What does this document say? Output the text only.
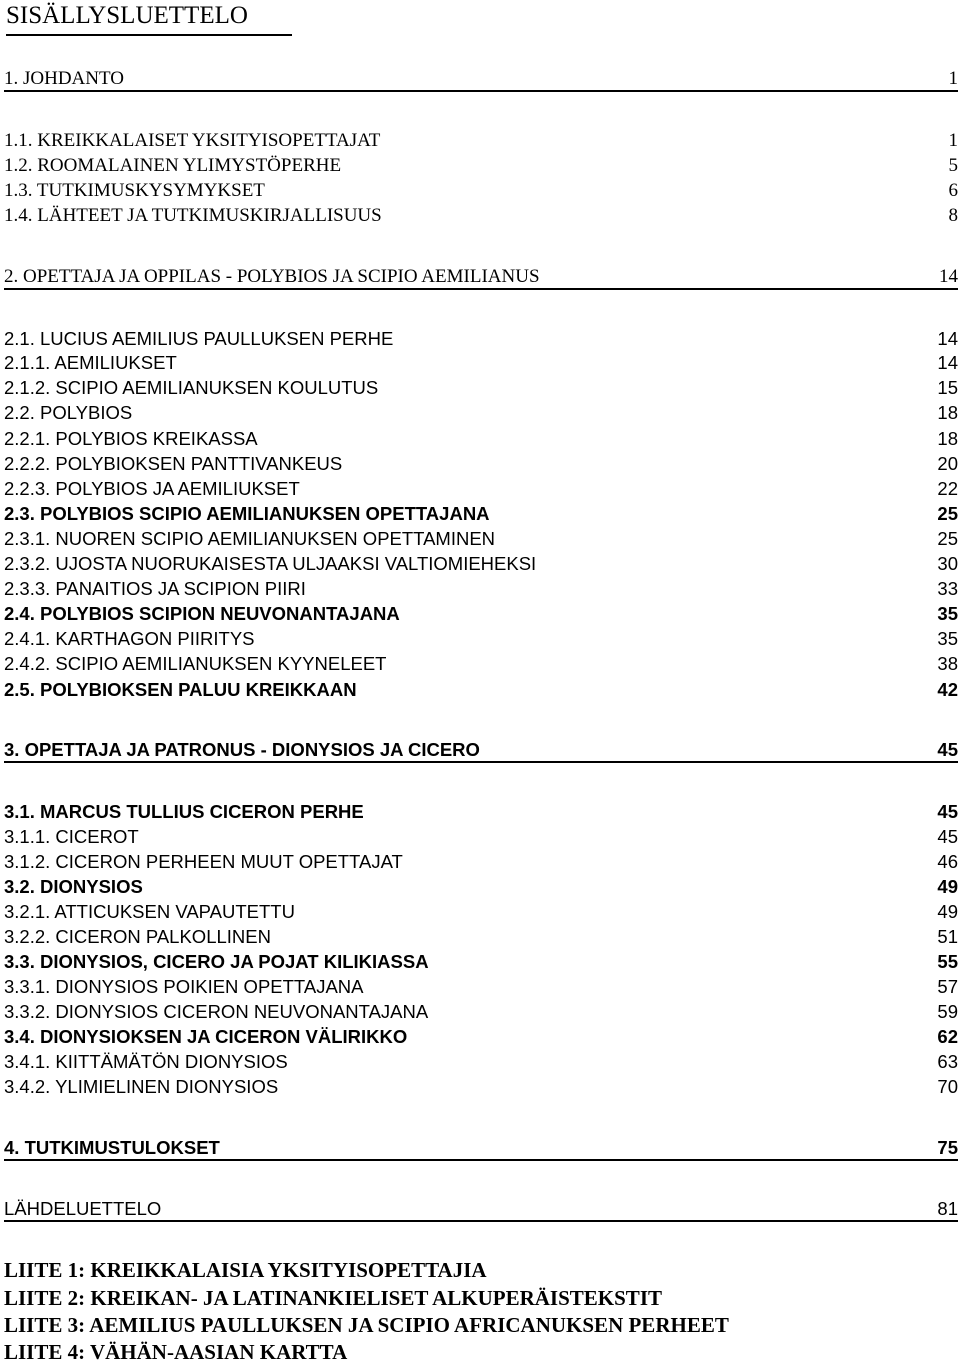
SISÄLLYSLUETTELO
1. JOHDANTO	1
1.1. KREIKKALAISET YKSITYISOPETTAJAT	1
1.2. ROOMALAINEN YLIMYSTÖPERHE	5
1.3. TUTKIMUSKYSYMYKSET	6
1.4. LÄHTEET JA TUTKIMUSKIRJALLISUUS	8
2. OPETTAJA JA OPPILAS - POLYBIOS JA SCIPIO AEMILIANUS	14
2.1. LUCIUS AEMILIUS PAULLUKSEN PERHE	14
2.1.1. AEMILIUKSET	14
2.1.2. SCIPIO AEMILIANUKSEN KOULUTUS	15
2.2. POLYBIOS	18
2.2.1. POLYBIOS KREIKASSA	18
2.2.2. POLYBIOKSEN PANTTIVANKEUS	20
2.2.3. POLYBIOS JA AEMILIUKSET	22
2.3. POLYBIOS SCIPIO AEMILIANUKSEN OPETTAJANA	25
2.3.1. NUOREN SCIPIO AEMILIANUKSEN OPETTAMINEN	25
2.3.2. UJOSTA NUORUKAISESTA ULJAAKSI VALTIOMIEHEKSI	30
2.3.3. PANAITIOS JA SCIPION PIIRI	33
2.4. POLYBIOS SCIPION NEUVONANTAJANA	35
2.4.1. KARTHAGON PIIRITYS	35
2.4.2. SCIPIO AEMILIANUKSEN KYYNELEET	38
2.5. POLYBIOKSEN PALUU KREIKKAAN	42
3. OPETTAJA JA PATRONUS - DIONYSIOS JA CICERO	45
3.1. MARCUS TULLIUS CICERON PERHE	45
3.1.1. CICEROT	45
3.1.2. CICERON PERHEEN MUUT OPETTAJAT	46
3.2. DIONYSIOS	49
3.2.1. ATTICUKSEN VAPAUTETTU	49
3.2.2. CICERON PALKOLLINEN	51
3.3. DIONYSIOS, CICERO JA POJAT KILIKIASSA	55
3.3.1. DIONYSIOS POIKIEN OPETTAJANA	57
3.3.2. DIONYSIOS CICERON NEUVONANTAJANA	59
3.4. DIONYSIOKSEN JA CICERON VÄLIRIKKO	62
3.4.1. KIITTÄMÄTÖN DIONYSIOS	63
3.4.2. YLIMIELINEN DIONYSIOS	70
4. TUTKIMUSTULOKSET	75
LÄHDELUETTELO	81
LIITE 1: KREIKKALAISIA YKSITYISOPETTAJIA
LIITE 2: KREIKAN- JA LATINANKIELISET ALKUPERÄISTEKSTIT
LIITE 3: AEMILIUS PAULLUKSEN JA SCIPIO AFRICANUKSEN PERHEET
LIITE 4: VÄHÄN-AASIAN KARTTA
